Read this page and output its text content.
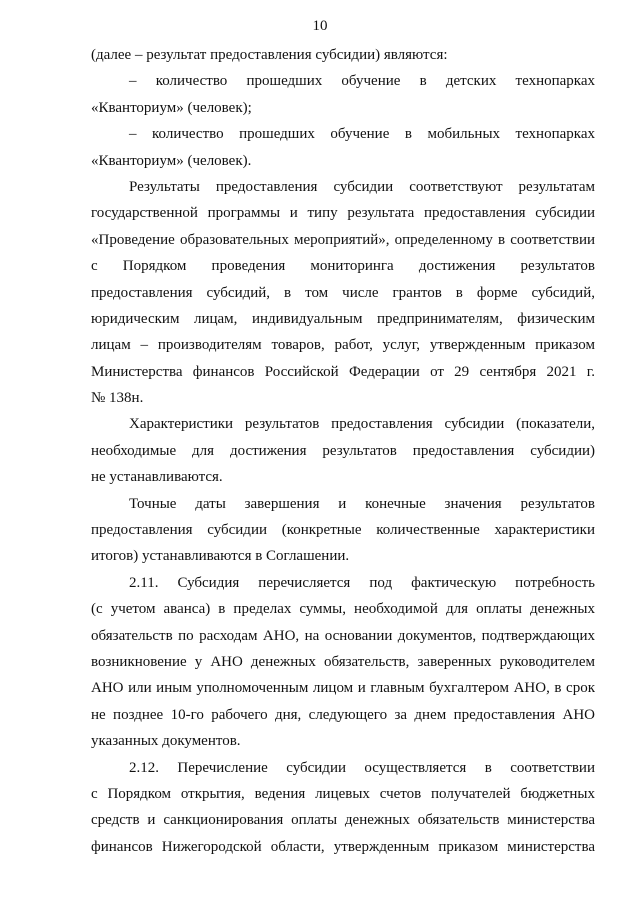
10
(далее – результат предоставления субсидии) являются:
– количество прошедших обучение в детских технопарках
«Кванториум» (человек);
– количество прошедших обучение в мобильных технопарках
«Кванториум» (человек).
Результаты предоставления субсидии соответствуют результатам
государственной программы и типу результата предоставления субсидии
«Проведение образовательных мероприятий», определенному в соответствии
с Порядком проведения мониторинга достижения результатов
предоставления субсидий, в том числе грантов в форме субсидий,
юридическим лицам, индивидуальным предпринимателям, физическим
лицам – производителям товаров, работ, услуг, утвержденным приказом
Министерства финансов Российской Федерации от 29 сентября 2021 г.
№ 138н.
Характеристики результатов предоставления субсидии (показатели,
необходимые для достижения результатов предоставления субсидии)
не устанавливаются.
Точные даты завершения и конечные значения результатов
предоставления субсидии (конкретные количественные характеристики
итогов) устанавливаются в Соглашении.
2.11. Субсидия перечисляется под фактическую потребность
(с учетом аванса) в пределах суммы, необходимой для оплаты денежных
обязательств по расходам АНО, на основании документов, подтверждающих
возникновение у АНО денежных обязательств, заверенных руководителем
АНО или иным уполномоченным лицом и главным бухгалтером АНО, в срок
не позднее 10-го рабочего дня, следующего за днем предоставления АНО
указанных документов.
2.12. Перечисление субсидии осуществляется в соответствии
с Порядком открытия, ведения лицевых счетов получателей бюджетных
средств и санкционирования оплаты денежных обязательств министерства
финансов Нижегородской области, утвержденным приказом министерства
